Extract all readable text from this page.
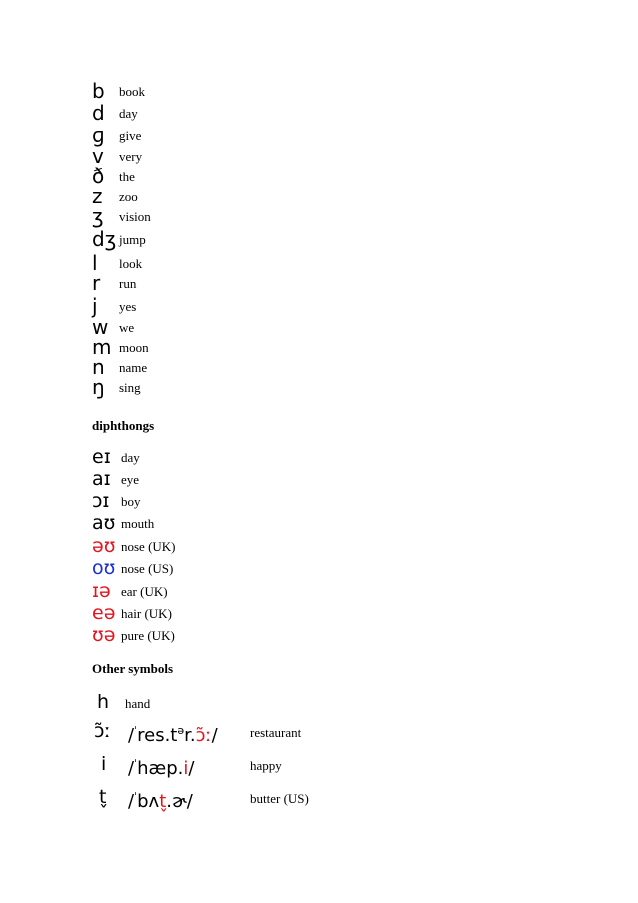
b book
d day
ɡ give
v very
ð the
z zoo
ʒ vision
dʒ jump
l look
r run
j yes
w we
m moon
n name
ŋ sing
diphthongs
eɪ day
aɪ eye
ɔɪ boy
aʊ mouth
əʊ nose (UK)
oʊ nose (US)
ɪə ear (UK)
eə hair (UK)
ʊə pure (UK)
Other symbols
h hand
ɔ̃ː $/^ˈres.t^ər.ɔ̃ː/$ restaurant
i /$^ˈ$hæp.i/	happy
t̬ /$^ˈ$bʌt̬.ɚ/	butter (US)
